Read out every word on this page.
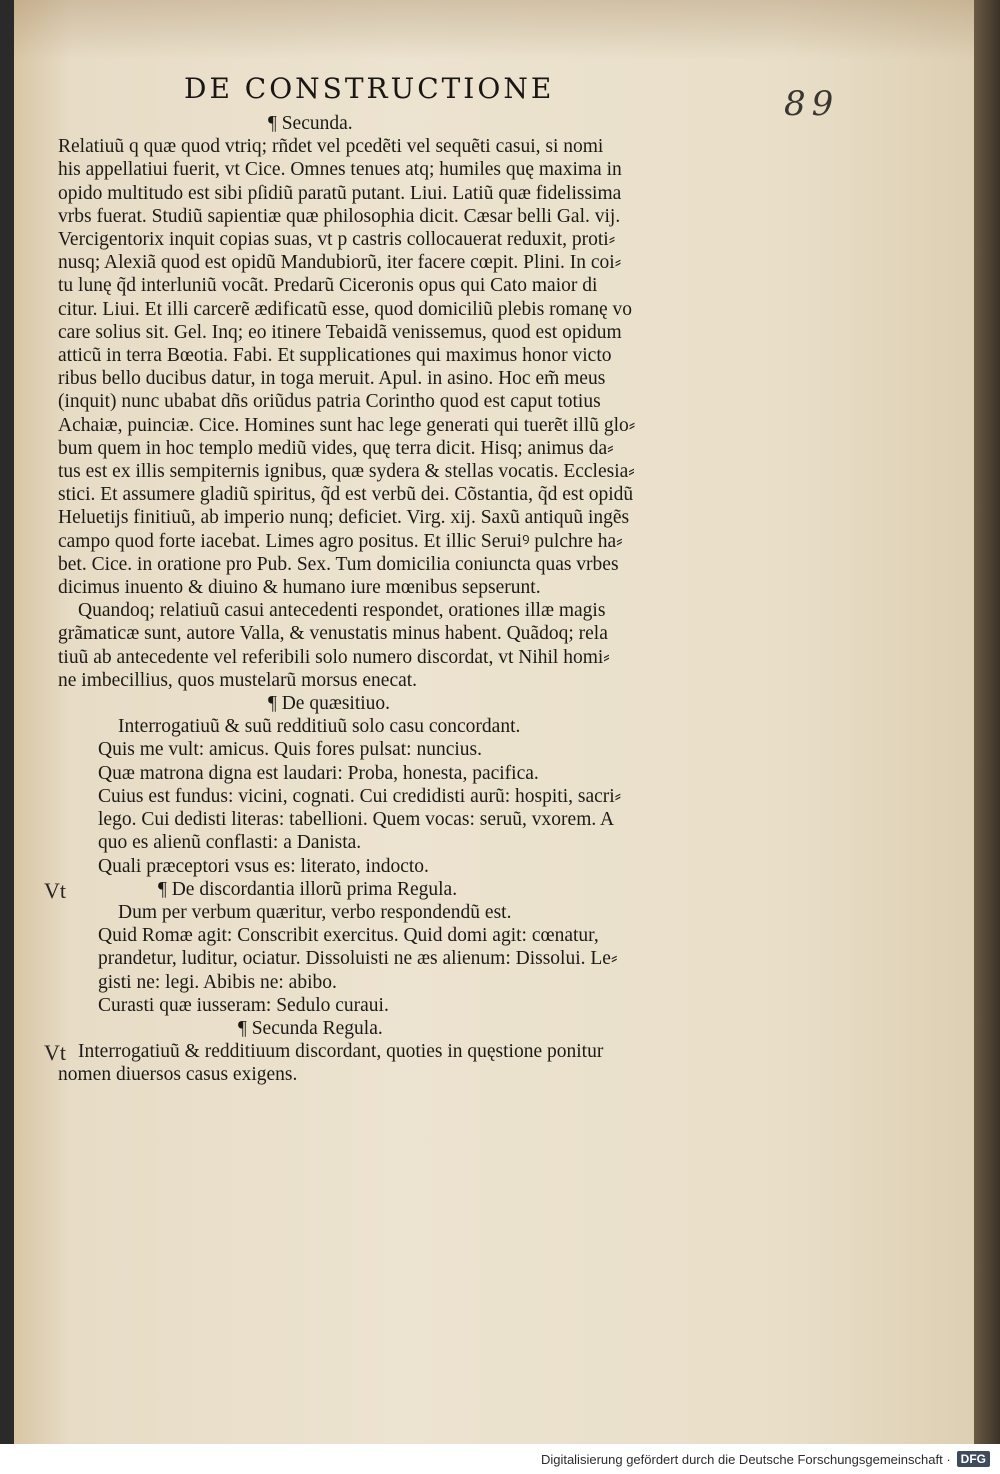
DE CONSTRUCTIONE	89
¶ Secunda.
Relatiuũ q quæ quod vtriq; rñdet vel pcedẽti vel sequẽti casui, si nomi
his appellatiui fuerit, vt Cice. Omnes tenues atq; humiles quę maxima in
opido multitudo est sibi pſidiũ paratũ putant. Liui. Latiũ quæ fidelissima
vrbs fuerat. Studiũ sapientiæ quæ philosophia dicit. Cæsar belli Gal. vij.
Vercigentorix inquit copias suas, vt p castris collocauerat reduxit, proti⸗
nusq; Alexiã quod est opidũ Mandubiorũ, iter facere cœpit. Plini. In coi⸗
tu lunę q̃d interluniũ vocãt. Predarũ Ciceronis opus qui Cato maior di
citur. Liui. Et illi carcerẽ ædificatũ esse, quod domiciliũ plebis romanę vo
care solius sit. Gel. Inq; eo itinere Tebaidã venissemus, quod est opidum
atticũ in terra Bœotia. Fabi. Et supplicationes qui maximus honor victo
ribus bello ducibus datur, in toga meruit. Apul. in asino. Hoc em̃ meus
(inquit) nunc ubabat dñs oriũdus patria Corintho quod est caput totius
Achaiæ, puinciæ. Cice. Homines sunt hac lege generati qui tuerẽt illũ glo⸗
bum quem in hoc templo mediũ vides, quę terra dicit. Hisq; animus da⸗
tus est ex illis sempiternis ignibus, quæ sydera & stellas vocatis. Ecclesia⸗
stici. Et assumere gladiũ spiritus, q̃d est verbũ dei. Cõstantia, q̃d est opidũ
Heluetijs finitiuũ, ab imperio nunq; deficiet. Virg. xij. Saxũ antiquũ ingẽs
campo quod forte iacebat. Limes agro positus. Et illic Seruiꝰ pulchre ha⸗
bet. Cice. in oratione pro Pub. Sex. Tum domicilia coniuncta quas vrbes
dicimus inuento & diuino & humano iure mœnibus sepserunt.
Quandoq; relatiuũ casui antecedenti respondet, orationes illæ magis
grãmaticæ sunt, autore Valla, & venustatis minus habent. Quãdoq; rela
tiuũ ab antecedente vel referibili solo numero discordat, vt Nihil homi⸗
ne imbecillius, quos mustelarũ morsus enecat.
¶ De quæsitiuo.
Interrogatiuũ & suũ redditiuũ solo casu concordant.
Quis me vult: amicus. Quis fores pulsat: nuncius.
Quæ matrona digna est laudari: Proba, honesta, pacifica.
Cuius est fundus: vicini, cognati. Cui credidisti aurũ: hospiti, sacri⸗
lego. Cui dedisti literas: tabellioni. Quem vocas: seruũ, vxorem. A
quo es alienũ conflasti: a Danista.
Quali præceptori vsus es: literato, indocto.
¶ De discordantia illorũ prima Regula.
Dum per verbum quæritur, verbo respondendũ est.
Quid Romæ agit: Conscribit exercitus. Quid domi agit: cœnatur,
prandetur, luditur, ociatur. Dissoluisti ne æs alienum: Dissolui. Le⸗
gisti ne: legi. Abibis ne: abibo.
Curasti quæ iusseram: Sedulo curaui.
¶ Secunda Regula.
Interrogatiuũ & redditiuum discordant, quoties in quęstione ponitur
nomen diuersos casus exigens.
Vt
Vt
Digitalisierung gefördert durch die Deutsche Forschungsgemeinschaft · DFG
